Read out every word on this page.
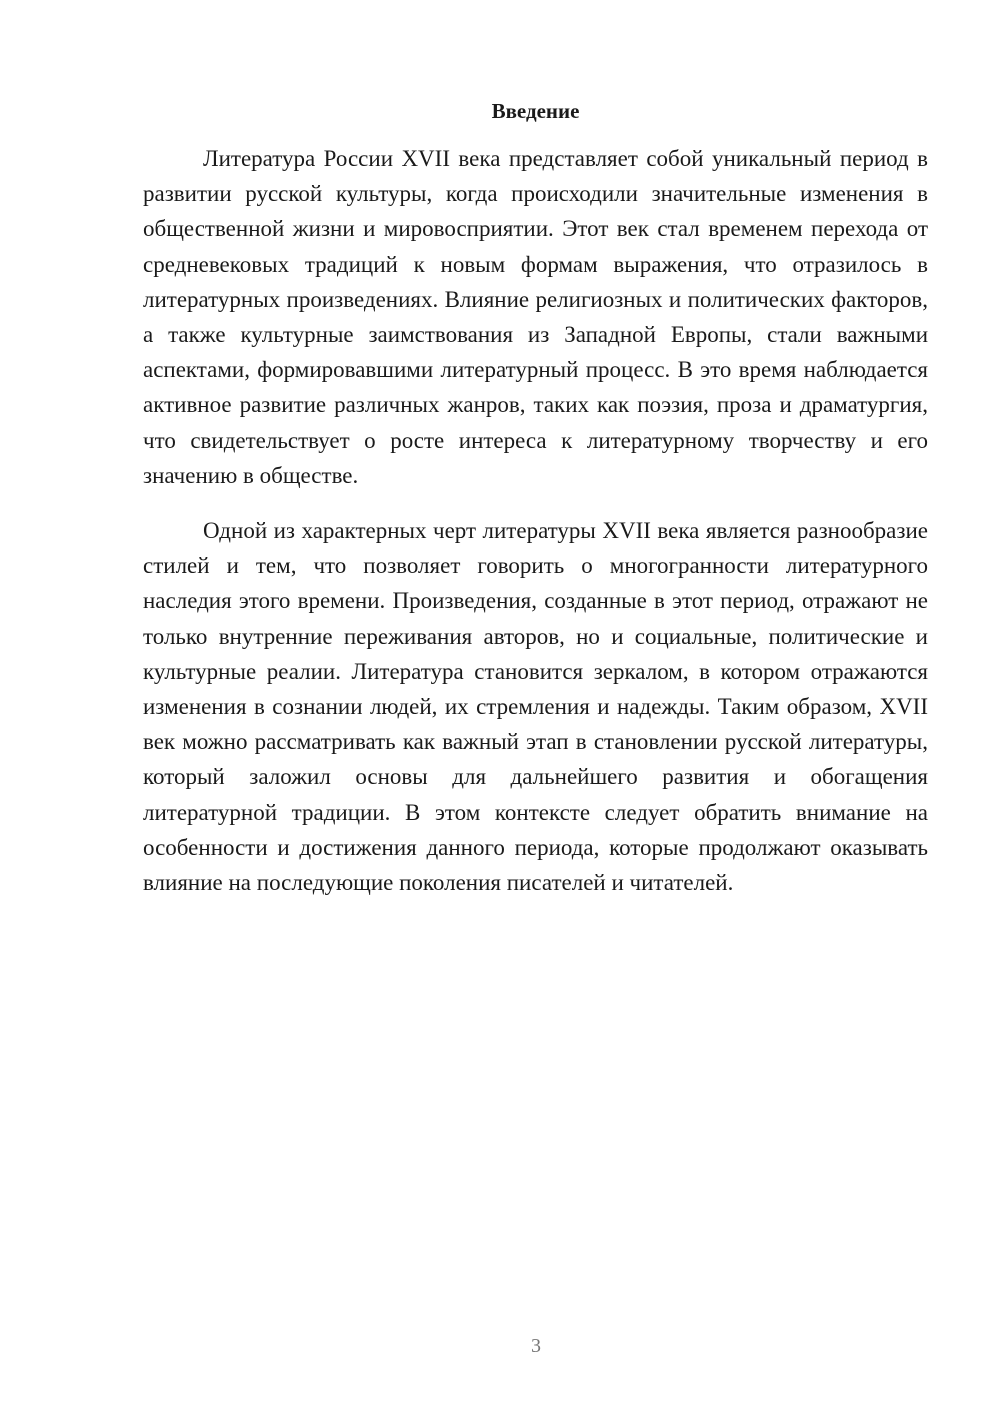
Введение

Литература России XVII века представляет собой уникальный период в развитии русской культуры, когда происходили значительные изменения в общественной жизни и мировосприятии. Этот век стал временем перехода от средневековых традиций к новым формам выражения, что отразилось в литературных произведениях. Влияние религиозных и политических факторов, а также культурные заимствования из Западной Европы, стали важными аспектами, формировавшими литературный процесс. В это время наблюдается активное развитие различных жанров, таких как поэзия, проза и драматургия, что свидетельствует о росте интереса к литературному творчеству и его значению в обществе.

Одной из характерных черт литературы XVII века является разнообразие стилей и тем, что позволяет говорить о многогранности литературного наследия этого времени. Произведения, созданные в этот период, отражают не только внутренние переживания авторов, но и социальные, политические и культурные реалии. Литература становится зеркалом, в котором отражаются изменения в сознании людей, их стремления и надежды. Таким образом, XVII век можно рассматривать как важный этап в становлении русской литературы, который заложил основы для дальнейшего развития и обогащения литературной традиции. В этом контексте следует обратить внимание на особенности и достижения данного периода, которые продолжают оказывать влияние на последующие поколения писателей и читателей.

3
